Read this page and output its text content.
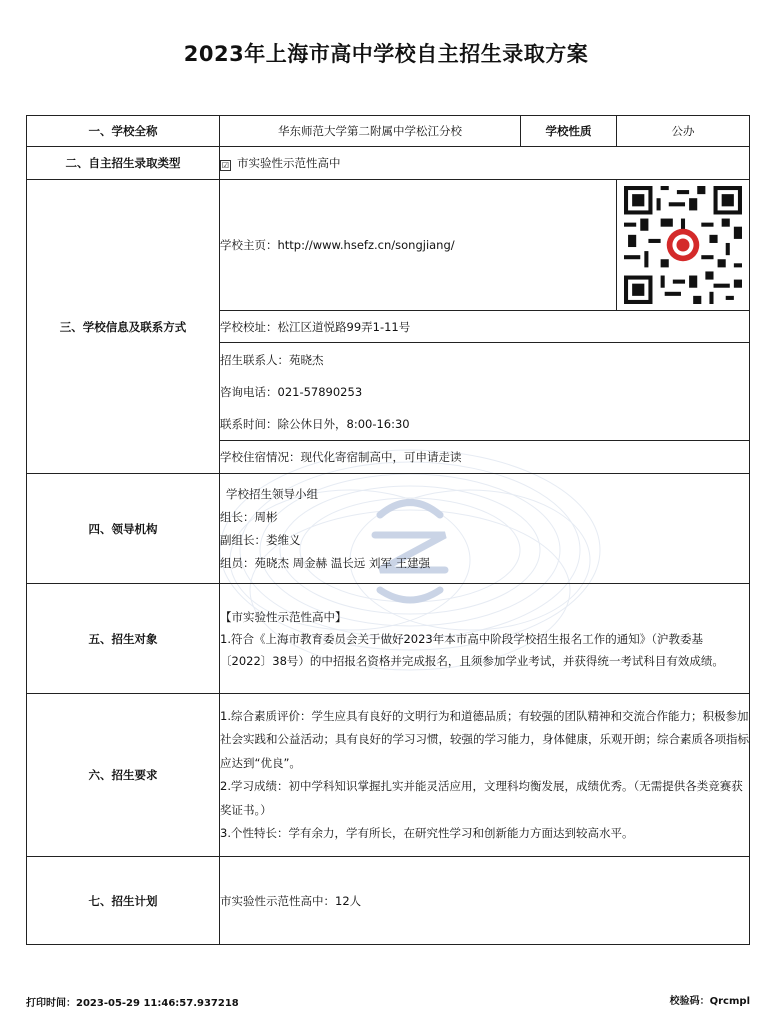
2023年上海市高中学校自主招生录取方案
一、学校全称	华东师范大学第二附属中学松江分校	学校性质	公办
二、自主招生录取类型	☑ 市实验性示范性高中		
三、学校信息及联系方式	学校主页：http://www.hsefz.cn/songjiang/	
	学校校址：松江区道悦路99弄1-11号		

	招生联系人：苑晓杰

咨询电话：021-57890253

联系时间：除公休日外，8:00-16:30		

	学校住宿情况：现代化寄宿制高中，可申请走读		
四、领导机构	学校招生领导小组

组长：周彬

副组长：娄维义

组员：苑晓杰 周金赫 温长远 刘军 王建强		

五、招生对象	【市实验性示范性高中】

1.符合《上海市教育委员会关于做好2023年本市高中阶段学校招生报名工作的通知》（沪教委基〔2022〕38号）的中招报名资格并完成报名，且须参加学业考试，并获得统一考试科目有效成绩。		

六、招生要求	1.综合素质评价：学生应具有良好的文明行为和道德品质；有较强的团队精神和交流合作能力；积极参加社会实践和公益活动；具有良好的学习习惯，较强的学习能力，身体健康，乐观开朗；综合素质各项指标应达到“优良”。

2.学习成绩：初中学科知识掌握扎实并能灵活应用，文理科均衡发展，成绩优秀。（无需提供各类竞赛获奖证书。）

3.个性特长：学有余力，学有所长，在研究性学习和创新能力方面达到较高水平。		

七、招生计划	市实验性示范性高中：12人		
打印时间：2023-05-29 11:46:57.937218	校验码：Qrcmpl
